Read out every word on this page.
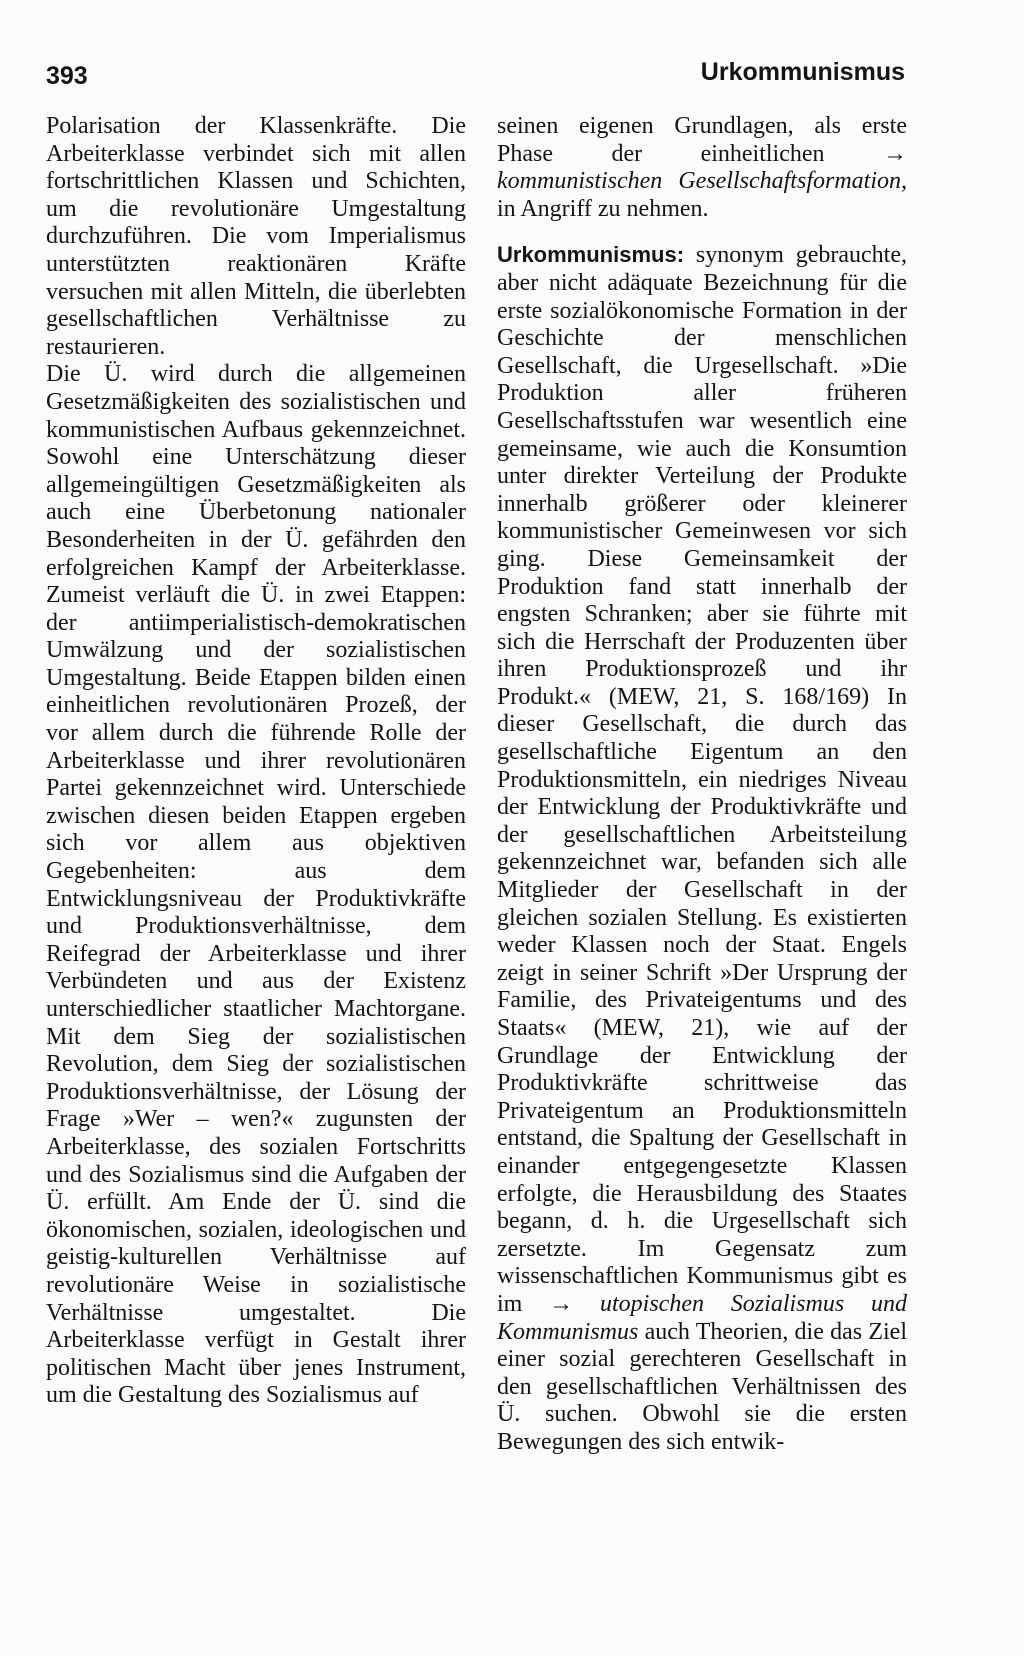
393	Urkommunismus

Polarisation der Klassenkräfte. Die Arbeiterklasse verbindet sich mit allen fortschrittlichen Klassen und Schichten, um die revolutionäre Umgestaltung durchzuführen. Die vom Imperialismus unterstützten reaktionären Kräfte versuchen mit allen Mitteln, die überlebten gesellschaftlichen Verhältnisse zu restaurieren.

Die Ü. wird durch die allgemeinen Gesetzmäßigkeiten des sozialistischen und kommunistischen Aufbaus gekennzeichnet. Sowohl eine Unterschätzung dieser allgemeingültigen Gesetzmäßigkeiten als auch eine Überbetonung nationaler Besonderheiten in der Ü. gefährden den erfolgreichen Kampf der Arbeiterklasse. Zumeist verläuft die Ü. in zwei Etappen: der antiimperialistisch-demokratischen Umwälzung und der sozialistischen Umgestaltung. Beide Etappen bilden einen einheitlichen revolutionären Prozeß, der vor allem durch die führende Rolle der Arbeiterklasse und ihrer revolutionären Partei gekennzeichnet wird. Unterschiede zwischen diesen beiden Etappen ergeben sich vor allem aus objektiven Gegebenheiten: aus dem Entwicklungsniveau der Produktivkräfte und Produktionsverhältnisse, dem Reifegrad der Arbeiterklasse und ihrer Verbündeten und aus der Existenz unterschiedlicher staatlicher Machtorgane. Mit dem Sieg der sozialistischen Revolution, dem Sieg der sozialistischen Produktionsverhältnisse, der Lösung der Frage »Wer – wen?« zugunsten der Arbeiterklasse, des sozialen Fortschritts und des Sozialismus sind die Aufgaben der Ü. erfüllt. Am Ende der Ü. sind die ökonomischen, sozialen, ideologischen und geistig-kulturellen Verhältnisse auf revolutionäre Weise in sozialistische Verhältnisse umgestaltet. Die Arbeiterklasse verfügt in Gestalt ihrer politischen Macht über jenes Instrument, um die Gestaltung des Sozialismus auf

seinen eigenen Grundlagen, als erste Phase der einheitlichen → kommunistischen Gesellschaftsformation, in Angriff zu nehmen.

Urkommunismus: synonym gebrauchte, aber nicht adäquate Bezeichnung für die erste sozialökonomische Formation in der Geschichte der menschlichen Gesellschaft, die Urgesellschaft. »Die Produktion aller früheren Gesellschaftsstufen war wesentlich eine gemeinsame, wie auch die Konsumtion unter direkter Verteilung der Produkte innerhalb größerer oder kleinerer kommunistischer Gemeinwesen vor sich ging. Diese Gemeinsamkeit der Produktion fand statt innerhalb der engsten Schranken; aber sie führte mit sich die Herrschaft der Produzenten über ihren Produktionsprozeß und ihr Produkt.« (MEW, 21, S. 168/169) In dieser Gesellschaft, die durch das gesellschaftliche Eigentum an den Produktionsmitteln, ein niedriges Niveau der Entwicklung der Produktivkräfte und der gesellschaftlichen Arbeitsteilung gekennzeichnet war, befanden sich alle Mitglieder der Gesellschaft in der gleichen sozialen Stellung. Es existierten weder Klassen noch der Staat. Engels zeigt in seiner Schrift »Der Ursprung der Familie, des Privateigentums und des Staats« (MEW, 21), wie auf der Grundlage der Entwicklung der Produktivkräfte schrittweise das Privateigentum an Produktionsmitteln entstand, die Spaltung der Gesellschaft in einander entgegengesetzte Klassen erfolgte, die Herausbildung des Staates begann, d. h. die Urgesellschaft sich zersetzte. Im Gegensatz zum wissenschaftlichen Kommunismus gibt es im → utopischen Sozialismus und Kommunismus auch Theorien, die das Ziel einer sozial gerechteren Gesellschaft in den gesellschaftlichen Verhältnissen des Ü. suchen. Obwohl sie die ersten Bewegungen des sich entwik-
